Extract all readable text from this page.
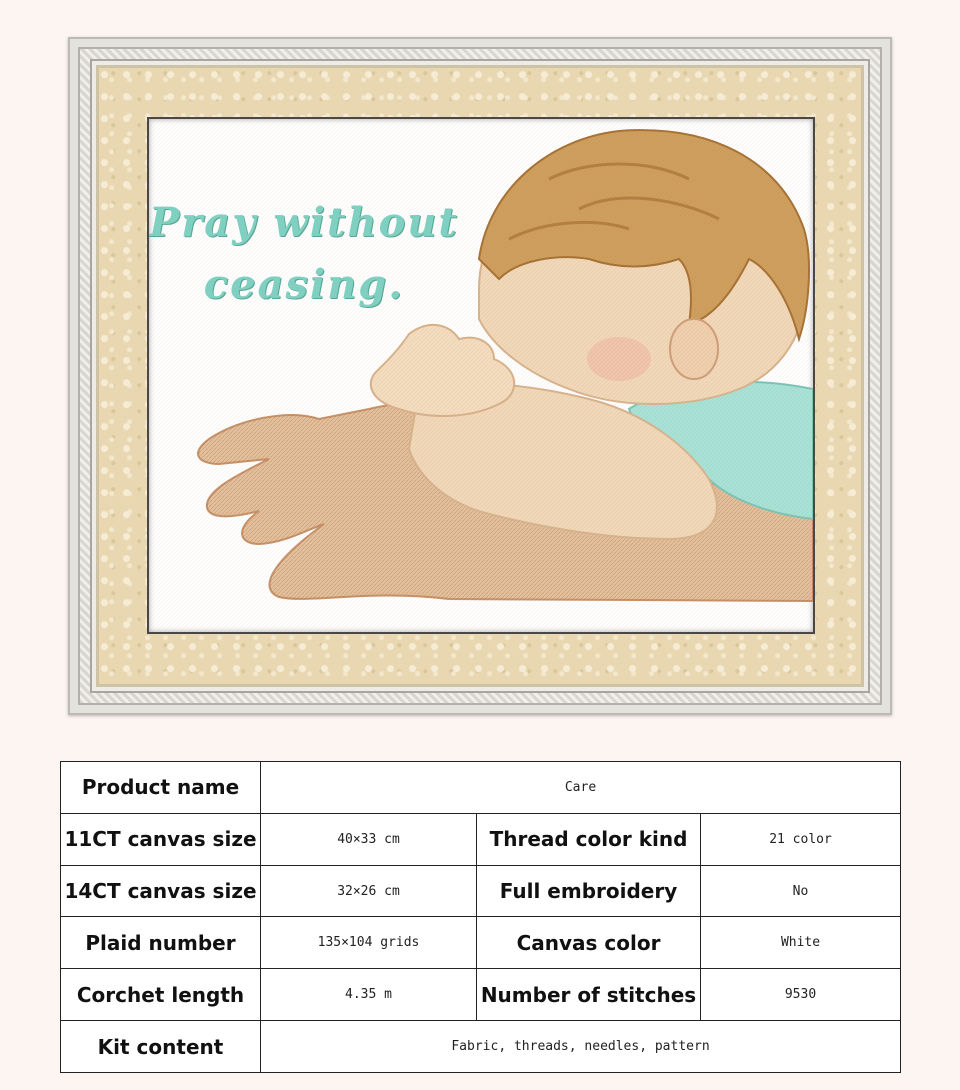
Pray without
ceasing.
Product name	Care		
11CT canvas size	40×33 cm	Thread color kind	21 color
14CT canvas size	32×26 cm	Full embroidery	No
Plaid number	135×104 grids	Canvas color	White
Corchet length	4.35 m	Number of stitches	9530
Kit content	Fabric, threads, needles, pattern		
